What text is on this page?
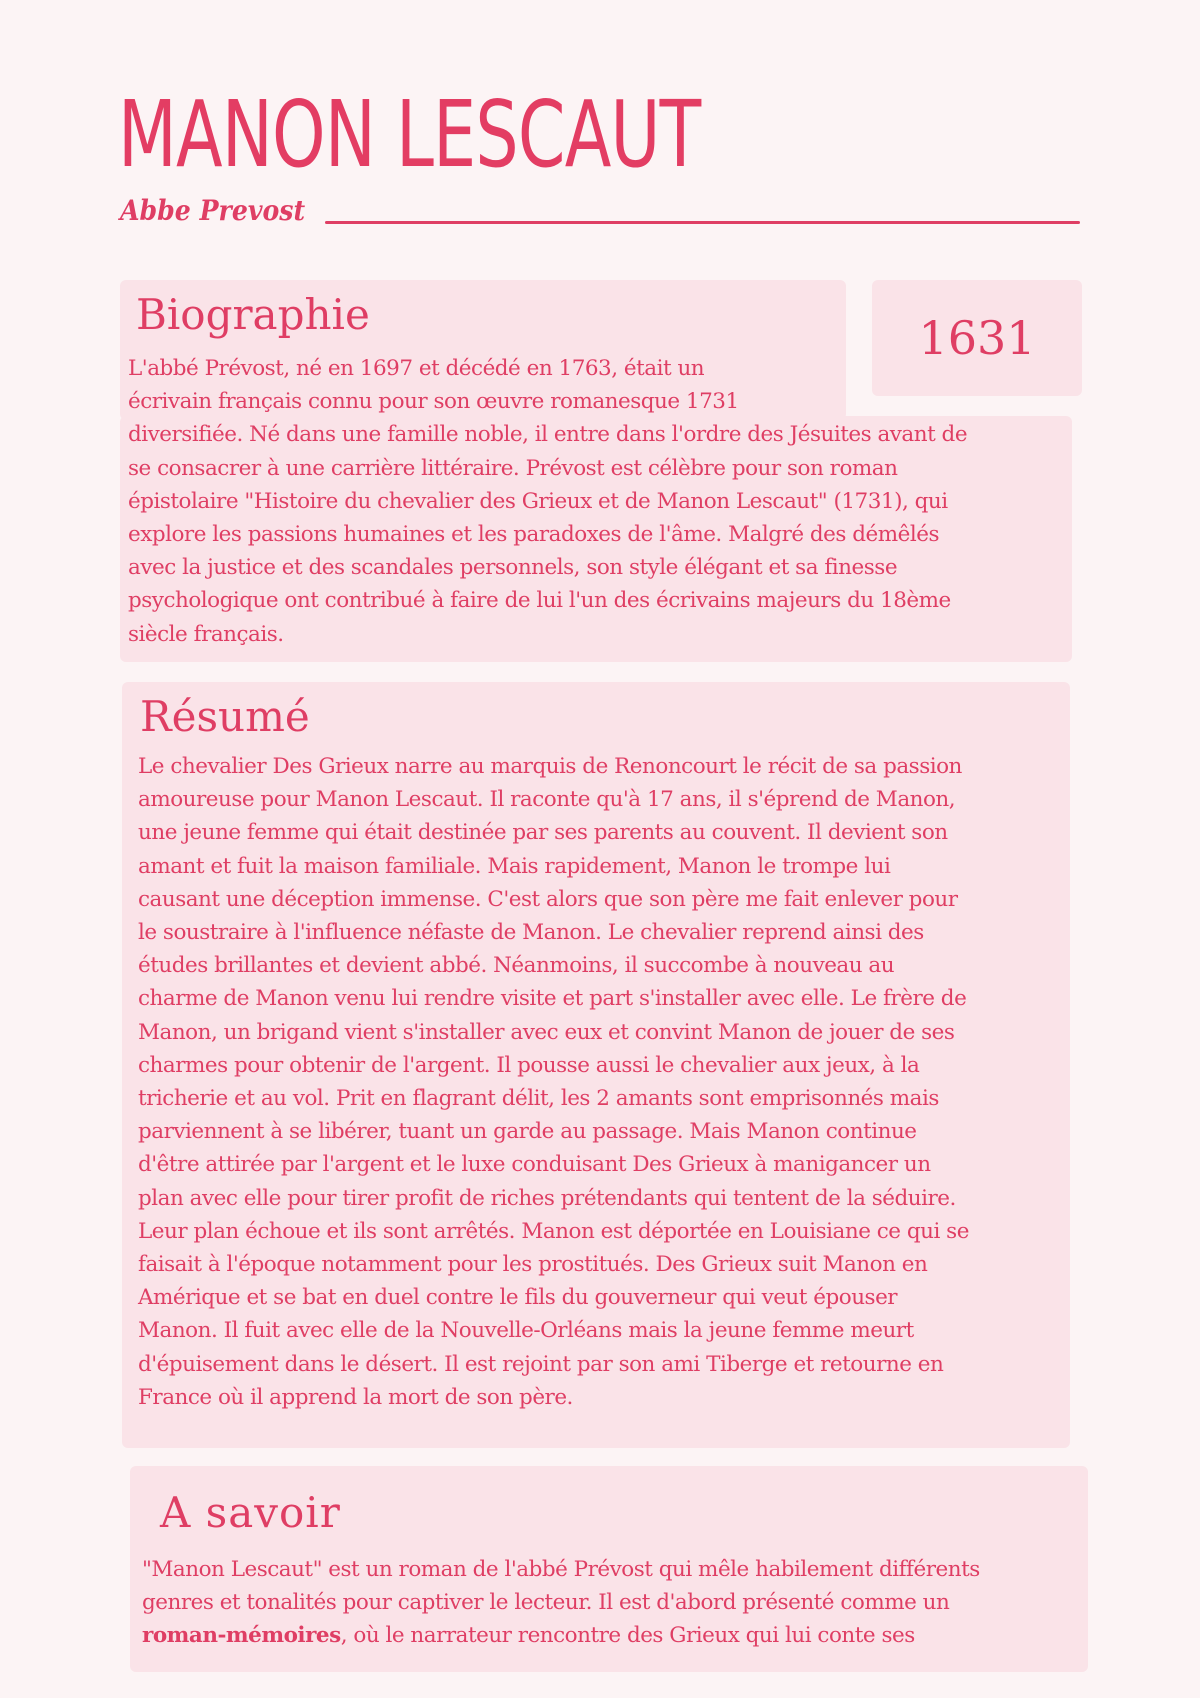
MANON LESCAUT
Abbe Prevost
1631
Biographie
L'abbé Prévost, né en 1697 et décédé en 1763, était un
écrivain français connu pour son œuvre romanesque 1731
diversifiée. Né dans une famille noble, il entre dans l'ordre des Jésuites avant de
se consacrer à une carrière littéraire. Prévost est célèbre pour son roman
épistolaire "Histoire du chevalier des Grieux et de Manon Lescaut" (1731), qui
explore les passions humaines et les paradoxes de l'âme. Malgré des démêlés
avec la justice et des scandales personnels, son style élégant et sa finesse
psychologique ont contribué à faire de lui l'un des écrivains majeurs du 18ème
siècle français.
Résumé
Le chevalier Des Grieux narre au marquis de Renoncourt le récit de sa passion
amoureuse pour Manon Lescaut. Il raconte qu'à 17 ans, il s'éprend de Manon,
une jeune femme qui était destinée par ses parents au couvent. Il devient son
amant et fuit la maison familiale. Mais rapidement, Manon le trompe lui
causant une déception immense. C'est alors que son père me fait enlever pour
le soustraire à l'influence néfaste de Manon. Le chevalier reprend ainsi des
études brillantes et devient abbé. Néanmoins, il succombe à nouveau au
charme de Manon venu lui rendre visite et part s'installer avec elle. Le frère de
Manon, un brigand vient s'installer avec eux et convint Manon de jouer de ses
charmes pour obtenir de l'argent. Il pousse aussi le chevalier aux jeux, à la
tricherie et au vol. Prit en flagrant délit, les 2 amants sont emprisonnés mais
parviennent à se libérer, tuant un garde au passage. Mais Manon continue
d'être attirée par l'argent et le luxe conduisant Des Grieux à manigancer un
plan avec elle pour tirer profit de riches prétendants qui tentent de la séduire.
Leur plan échoue et ils sont arrêtés. Manon est déportée en Louisiane ce qui se
faisait à l'époque notamment pour les prostitués. Des Grieux suit Manon en
Amérique et se bat en duel contre le fils du gouverneur qui veut épouser
Manon. Il fuit avec elle de la Nouvelle-Orléans mais la jeune femme meurt
d'épuisement dans le désert. Il est rejoint par son ami Tiberge et retourne en
France où il apprend la mort de son père.
A savoir
"Manon Lescaut" est un roman de l'abbé Prévost qui mêle habilement différents
genres et tonalités pour captiver le lecteur. Il est d'abord présenté comme un
roman-mémoires, où le narrateur rencontre des Grieux qui lui conte ses
